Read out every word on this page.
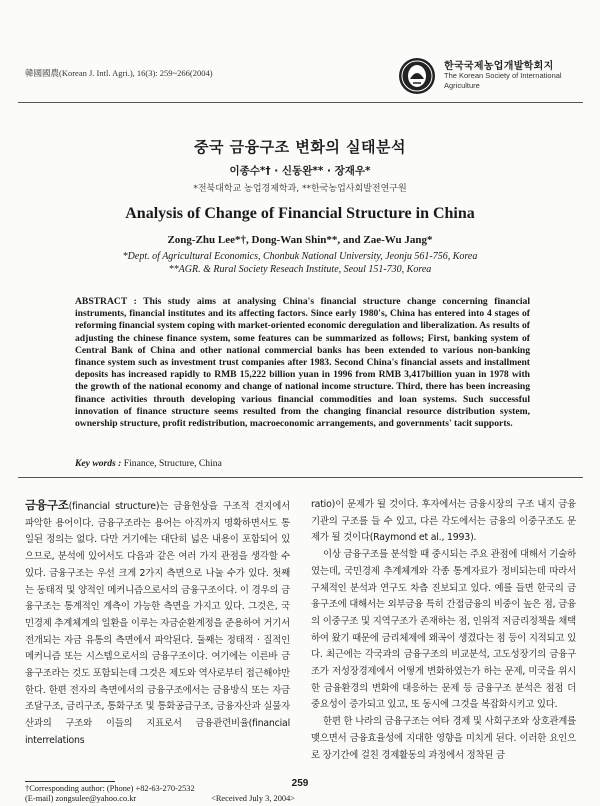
韓國國農(Korean J. Intl. Agri.), 16(3): 259~266(2004)
한국국제농업개발학회지
The Korean Society of International
Agriculture
중국 금융구조 변화의 실태분석
이종수*† · 신동완** · 장재우*
*전북대학교 농업경제학과, **한국농업사회발전연구원
Analysis of Change of Financial Structure in China
Zong-Zhu Lee*†, Dong-Wan Shin**, and Zae-Wu Jang*
*Dept. of Agricultural Economics, Chonbuk National University, Jeonju 561-756, Korea
**AGR. & Rural Society Reseach Institute, Seoul 151-730, Korea
ABSTRACT : This study aims at analysing China's financial structure change concerning financial instruments, financial institutes and its affecting factors. Since early 1980's, China has entered into 4 stages of reforming financial system coping with market-oriented economic deregulation and liberalization. As results of adjusting the chinese finance system, some features can be summarized as follows; First, banking system of Central Bank of China and other national commercial banks has been extended to various non-banking finance system such as investment trust companies after 1983. Second China's financial assets and installment deposits has increased rapidly to RMB 15,222 billion yuan in 1996 from RMB 3,417billion yuan in 1978 with the growth of the national economy and change of national income structure. Third, there has been increasing finance activities throuth developing various financial commodities and loan systems. Such successful innovation of finance structure seems resulted from the changing financial resource distribution system, ownership structure, profit redistribution, macroeconomic arrangements, and governments' tacit supports.
Key words : Finance, Structure, China

금융구조(financial structure)는 금융현상을 구조적 견지에서 파악한 용어이다. 금융구조라는 용어는 아직까지 명확하면서도 통일된 정의는 없다. 다만 거기에는 대단히 넓은 내용이 포함되어 있으므로, 분석에 있어서도 다음과 같은 여러 가지 관점을 생각할 수 있다. 금융구조는 우선 크게 2가지 측면으로 나눌 수가 있다. 첫째는 동태적 및 양적인 메커니즘으로서의 금융구조이다. 이 경우의 금융구조는 통계적인 계측이 가능한 측면을 가지고 있다. 그것은, 국민경제 추계체계의 일환을 이루는 자금순환계정을 준용하여 거기서 전개되는 자금 유통의 측면에서 파악된다. 둘째는 정태적 · 질적인 메커니즘 또는 시스템으로서의 금융구조이다. 여기에는 이른바 금융구조라는 것도 포함되는데 그것은 제도와 역사로부터 접근해야만 한다. 한편 전자의 측면에서의 금융구조에서는 금융방식 또는 자금조달구조, 금리구조, 통화구조 및 통화공급구조, 금융자산과 실물자산과의 구조와 이들의 지표로서 금융관련비율(financial interrelations

ratio)이 문제가 될 것이다. 후자에서는 금융시장의 구조 내지 금융기관의 구조를 들 수 있고, 다른 각도에서는 금융의 이중구조도 문제가 될 것이다(Raymond et al., 1993).

이상 금융구조를 분석할 때 중시되는 주요 관점에 대해서 기술하였는데, 국민경제 추계체계와 각종 통계자료가 정비되는데 따라서 구체적인 분석과 연구도 차츰 진보되고 있다. 예를 들면 한국의 금융구조에 대해서는 외부금융 특히 간접금융의 비중이 높은 점, 금융의 이중구조 및 지역구조가 존재하는 점, 인위적 저금리정책을 채택하여 왔기 때문에 금리체제에 왜곡이 생겼다는 점 등이 지적되고 있다. 최근에는 각국과의 금융구조의 비교분석, 고도성장기의 금융구조가 저성장경제에서 어떻게 변화하였는가 하는 문제, 미국을 위시한 금융환경의 변화에 대응하는 문제 등 금융구조 분석은 점점 더 중요성이 증가되고 있고, 또 동시에 그것을 복잡화시키고 있다.

한편 한 나라의 금융구조는 여타 경제 및 사회구조와 상호관계를 맺으면서 금융효율성에 지대한 영향을 미치게 된다. 이러한 요인으로 장기간에 걸친 경제활동의 과정에서 정착된 금

†Corresponding author: (Phone) +82-63-270-2532
(E-mail) zongsulee@yahoo.co.kr	<Received July 3, 2004>
259
